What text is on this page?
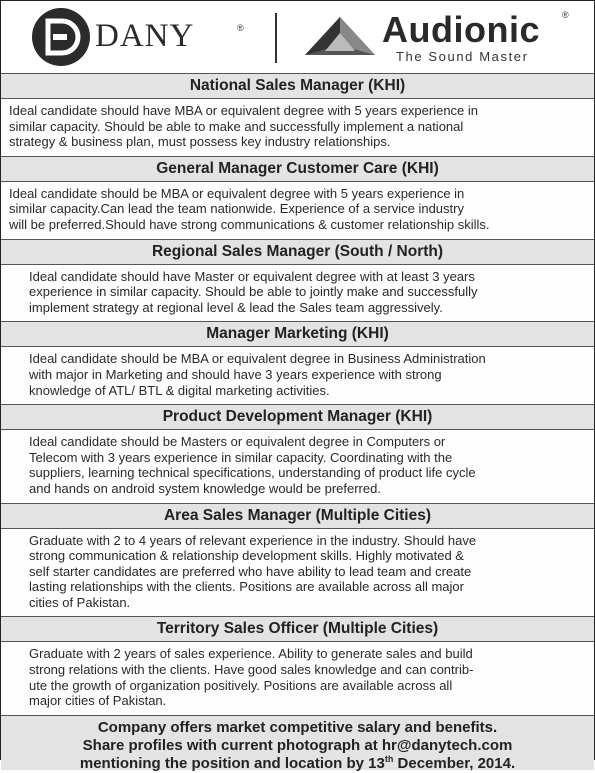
DANY	®	Audionic ®
The Sound Master
National Sales Manager (KHI)
Ideal candidate should have MBA or equivalent degree with 5 years experience in
similar capacity. Should be able to make and successfully implement a national
strategy & business plan, must possess key industry relationships.
General Manager Customer Care (KHI)
Ideal candidate should be MBA or equivalent degree with 5 years experience in
similar capacity.Can lead the team nationwide. Experience of a service industry
will be preferred.Should have strong communications & customer relationship skills.
Regional Sales Manager (South / North)
Ideal candidate should have Master or equivalent degree with at least 3 years
experience in similar capacity. Should be able to jointly make and successfully
implement strategy at regional level & lead the Sales team aggressively.
Manager Marketing (KHI)
Ideal candidate should be MBA or equivalent degree in Business Administration
with major in Marketing and should have 3 years experience with strong
knowledge of ATL/ BTL & digital marketing activities.
Product Development Manager (KHI)
Ideal candidate should be Masters or equivalent degree in Computers or
Telecom with 3 years experience in similar capacity. Coordinating with the
suppliers, learning technical specifications, understanding of product life cycle
and hands on android system knowledge would be preferred.
Area Sales Manager (Multiple Cities)
Graduate with 2 to 4 years of relevant experience in the industry. Should have
strong communication & relationship development skills. Highly motivated &
self starter candidates are preferred who have ability to lead team and create
lasting relationships with the clients. Positions are available across all major
cities of Pakistan.
Territory Sales Officer (Multiple Cities)
Graduate with 2 years of sales experience. Ability to generate sales and build
strong relations with the clients. Have good sales knowledge and can contrib-
ute the growth of organization positively. Positions are available across all
major cities of Pakistan.
Company offers market competitive salary and benefits.
Share profiles with current photograph at hr@danytech.com
mentioning the position and location by 13th December, 2014.
